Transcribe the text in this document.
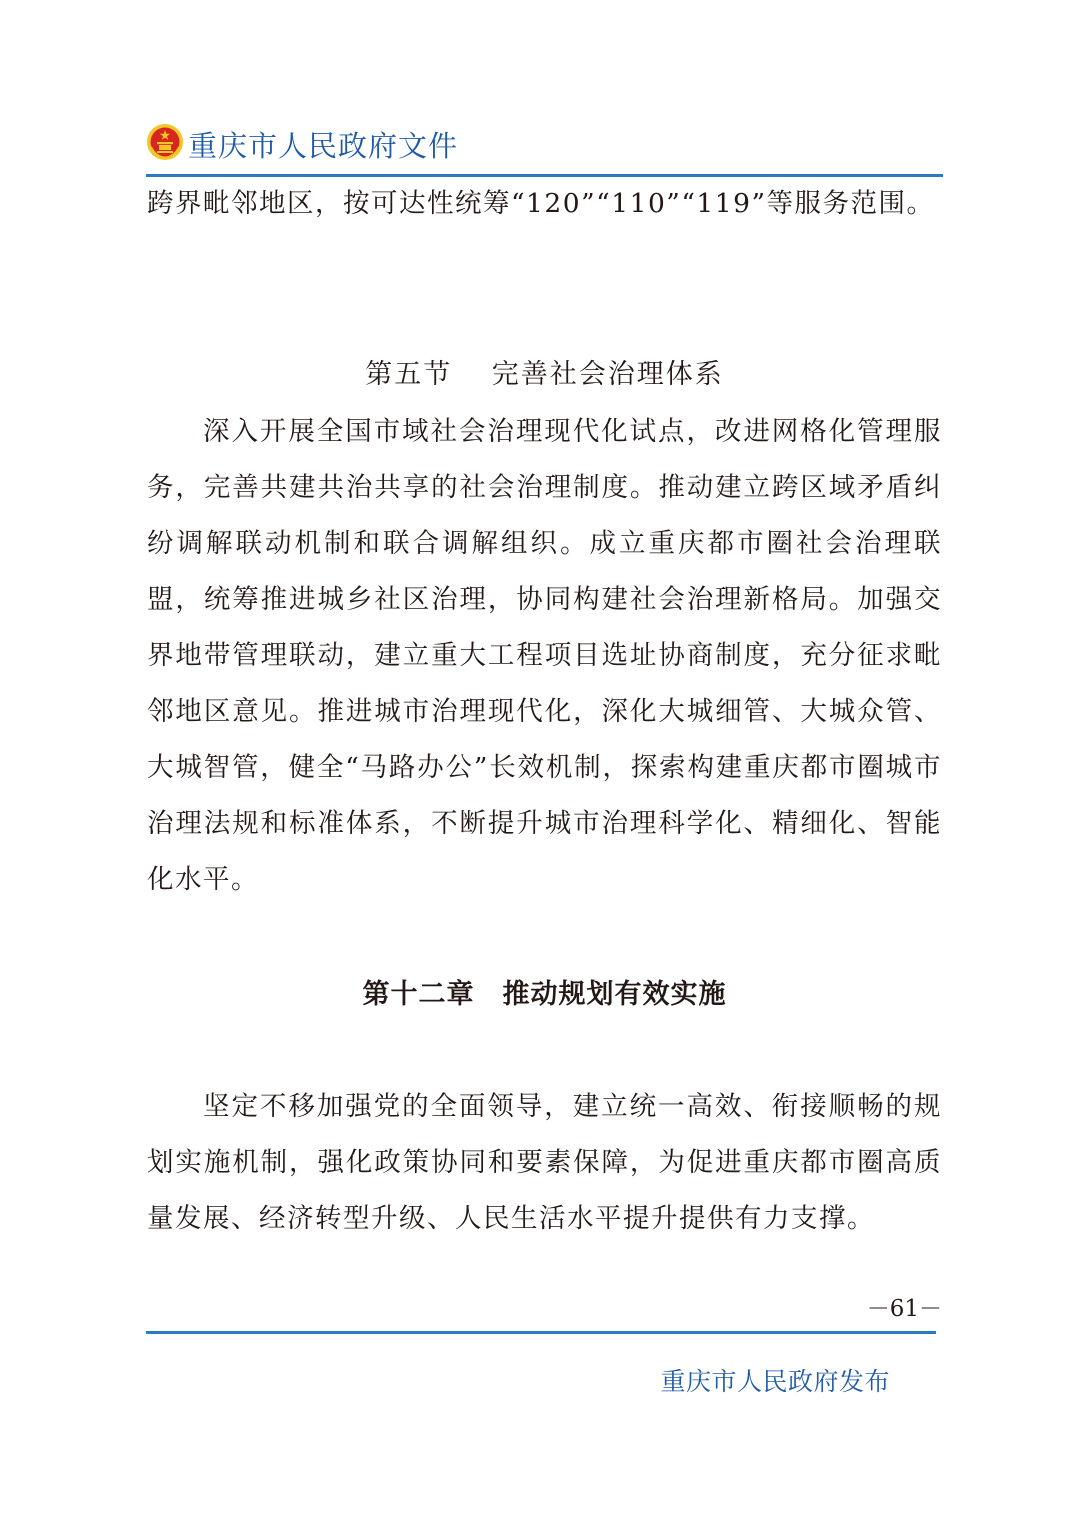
重庆市人民政府文件

跨界毗邻地区，按可达性统筹“120”“110”“119”等服务范围。

第五节　 完善社会治理体系

深入开展全国市域社会治理现代化试点，改进网格化管理服务，完善共建共治共享的社会治理制度。推动建立跨区域矛盾纠纷调解联动机制和联合调解组织。成立重庆都市圈社会治理联盟，统筹推进城乡社区治理，协同构建社会治理新格局。加强交界地带管理联动，建立重大工程项目选址协商制度，充分征求毗邻地区意见。推进城市治理现代化，深化大城细管、大城众管、大城智管，健全“马路办公”长效机制，探索构建重庆都市圈城市治理法规和标准体系，不断提升城市治理科学化、精细化、智能化水平。

第十二章　推动规划有效实施

坚定不移加强党的全面领导，建立统一高效、衔接顺畅的规划实施机制，强化政策协同和要素保障，为促进重庆都市圈高质量发展、经济转型升级、人民生活水平提升提供有力支撑。

－61－
重庆市人民政府发布
